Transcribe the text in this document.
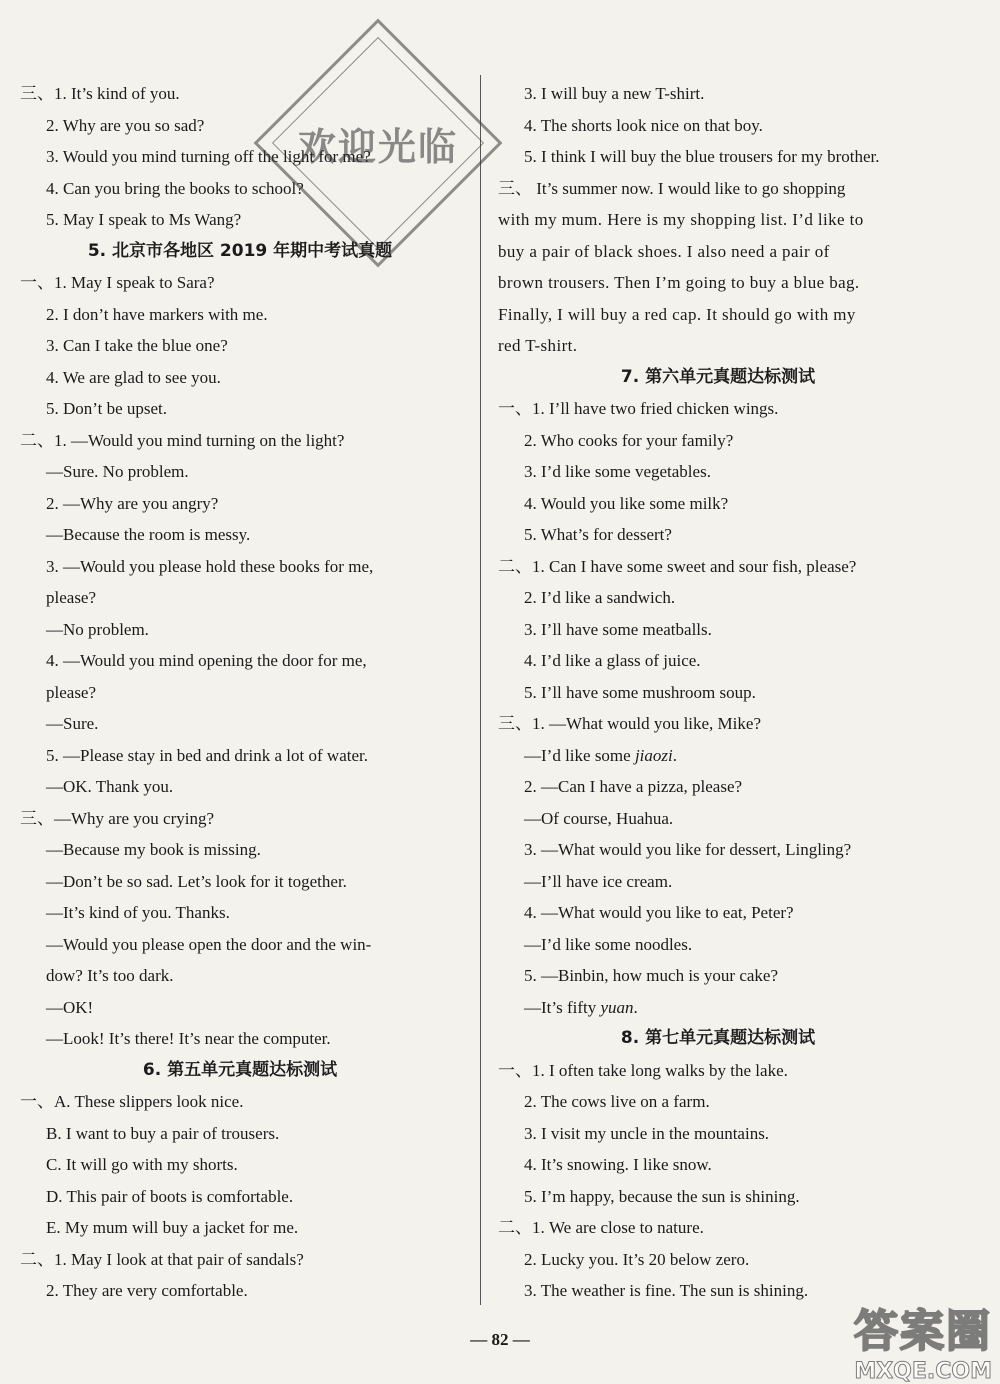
三、1. It’s kind of you.
2. Why are you so sad?
3. Would you mind turning off the light for me?
4. Can you bring the books to school?
5. May I speak to Ms Wang?
5. 北京市各地区 2019 年期中考试真题
一、1. May I speak to Sara?
2. I don’t have markers with me.
3. Can I take the blue one?
4. We are glad to see you.
5. Don’t be upset.
二、1. —Would you mind turning on the light?
—Sure. No problem.
2. —Why are you angry?
—Because the room is messy.
3. —Would you please hold these books for me,
please?
—No problem.
4. —Would you mind opening the door for me,
please?
—Sure.
5. —Please stay in bed and drink a lot of water.
—OK. Thank you.
三、—Why are you crying?
—Because my book is missing.
—Don’t be so sad. Let’s look for it together.
—It’s kind of you. Thanks.
—Would you please open the door and the win-
dow? It’s too dark.
—OK!
—Look! It’s there! It’s near the computer.
6. 第五单元真题达标测试
一、A. These slippers look nice.
B. I want to buy a pair of trousers.
C. It will go with my shorts.
D. This pair of boots is comfortable.
E. My mum will buy a jacket for me.
二、1. May I look at that pair of sandals?
2. They are very comfortable.
3. I will buy a new T-shirt.
4. The shorts look nice on that boy.
5. I think I will buy the blue trousers for my brother.
三、 It’s summer now. I would like to go shopping
with my mum. Here is my shopping list. I’d like to
buy a pair of black shoes. I also need a pair of
brown trousers. Then I’m going to buy a blue bag.
Finally, I will buy a red cap. It should go with my
red T-shirt.
7. 第六单元真题达标测试
一、1. I’ll have two fried chicken wings.
2. Who cooks for your family?
3. I’d like some vegetables.
4. Would you like some milk?
5. What’s for dessert?
二、1. Can I have some sweet and sour fish, please?
2. I’d like a sandwich.
3. I’ll have some meatballs.
4. I’d like a glass of juice.
5. I’ll have some mushroom soup.
三、1. —What would you like, Mike?
—I’d like some jiaozi.
2. —Can I have a pizza, please?
—Of course, Huahua.
3. —What would you like for dessert, Lingling?
—I’ll have ice cream.
4. —What would you like to eat, Peter?
—I’d like some noodles.
5. —Binbin, how much is your cake?
—It’s fifty yuan.
8. 第七单元真题达标测试
一、1. I often take long walks by the lake.
2. The cows live on a farm.
3. I visit my uncle in the mountains.
4. It’s snowing. I like snow.
5. I’m happy, because the sun is shining.
二、1. We are close to nature.
2. Lucky you. It’s 20 below zero.
3. The weather is fine. The sun is shining.
欢迎光临
— 82 —	答案圈
MXQE.COM
